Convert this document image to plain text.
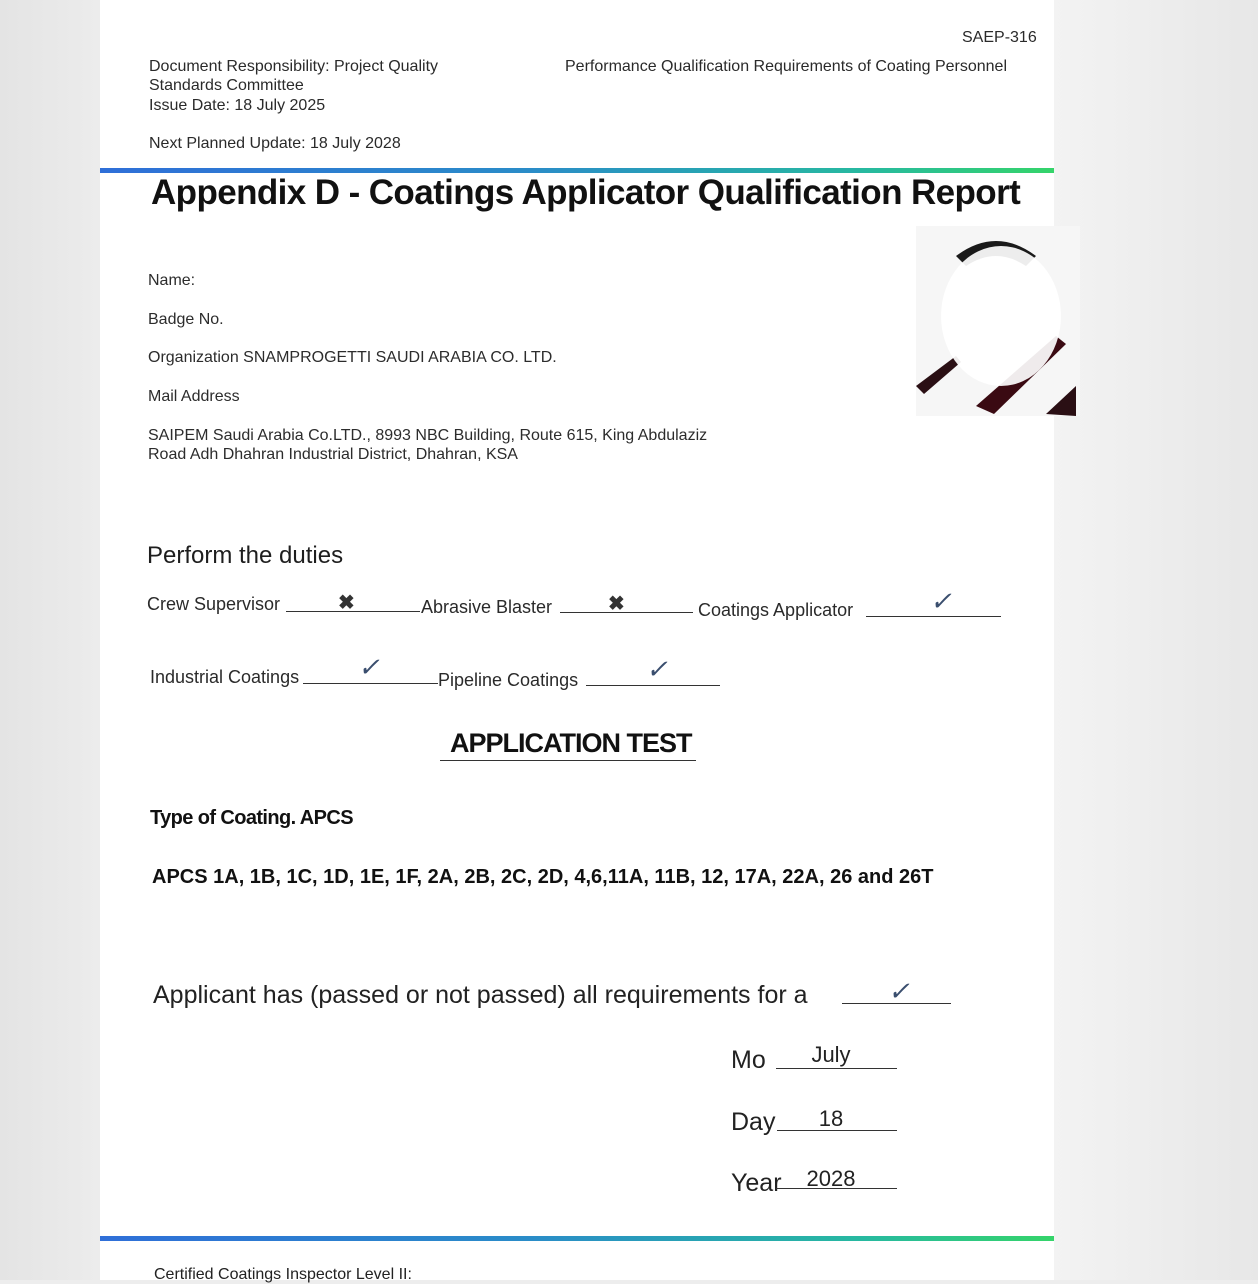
SAEP-316
Document Responsibility: Project Quality
Standards Committee
Issue Date: 18 July 2025
Next Planned Update: 18 July 2028
Performance Qualification Requirements of Coating Personnel
Appendix D - Coatings Applicator Qualification Report
Name:
Badge No.
Organization SNAMPROGETTI SAUDI ARABIA CO. LTD.
Mail Address
SAIPEM Saudi Arabia Co.LTD., 8993 NBC Building, Route 615, King Abdulaziz
Road Adh Dhahran Industrial District, Dhahran, KSA
Perform the duties
Crew Supervisor	✖	Abrasive Blaster	✖	Coatings Applicator	✓
Industrial Coatings ✓	Pipeline Coatings	✓
APPLICATION TEST
Type of Coating. APCS
APCS 1A, 1B, 1C, 1D, 1E, 1F, 2A, 2B, 2C, 2D, 4,6,11A, 11B, 12, 17A, 22A, 26 and 26T
Applicant has (passed or not passed) all requirements for a	✓
Mo	July
Day	18
Year	2028
Certified Coatings Inspector Level II:
